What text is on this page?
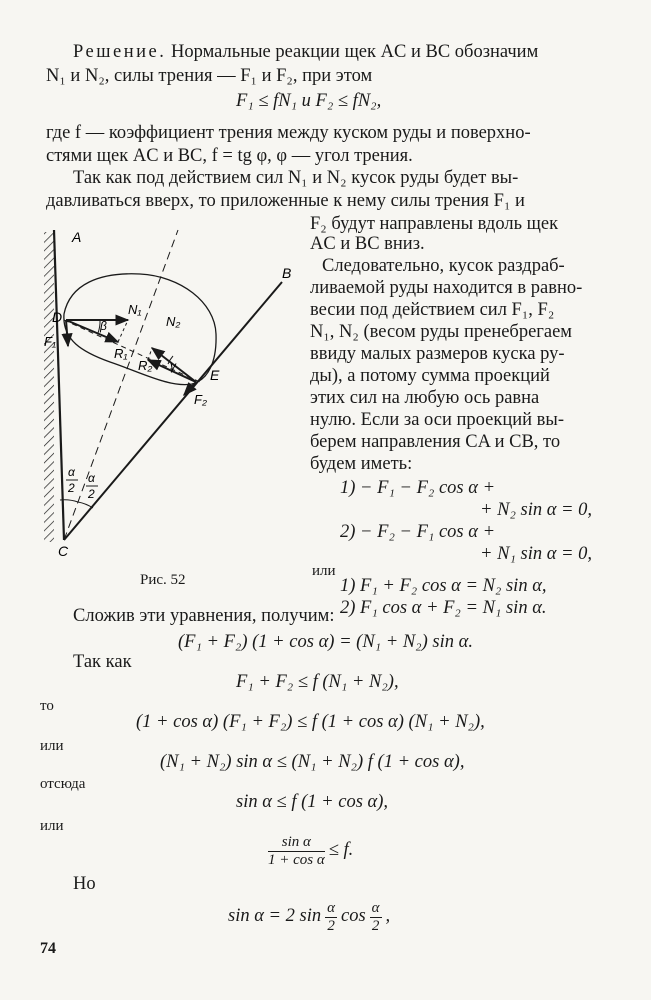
Решение. Нормальные реакции щек AC и BC обозначим
N₁ и N₂, силы трения — F₁ и F₂, при этом
F₁ ≤ fN₁ и F₂ ≤ fN₂,
где f — коэффициент трения между куском руды и поверхно-
стями щек AC и BC, f = tg φ, φ — угол трения.
Так как под действием сил N₁ и N₂ кусок руды будет вы-
давливаться вверх, то приложенные к нему силы трения F₁ и
F₂ будут направлены вдоль щек
AC и BC вниз.
Следовательно, кусок раздраб-
ливаемой руды находится в равно-
весии под действием сил F₁, F₂
N₁, N₂ (весом руды пренебрегаем
ввиду малых размеров куска ру-
ды), а потому сумма проекций
этих сил на любую ось равна
нулю. Если за оси проекций вы-
берем направления CA и CB, то
будем иметь:
1) − F₁ − F₂ cos α +
+ N₂ sin α = 0,
2) − F₂ − F₁ cos α +
+ N₁ sin α = 0,
или
1) F₁ + F₂ cos α = N₂ sin α,
2) F₁ cos α + F₂ = N₁ sin α.
A
B
C
D
E
N₁
N₂
R₁
R₂
F₁
F₂
β
γ
α
2
α
2
Рис. 52
Сложив эти уравнения, получим:
(F₁ + F₂) (1 + cos α) = (N₁ + N₂) sin α.
Так как
F₁ + F₂ ≤ f (N₁ + N₂),
то
(1 + cos α) (F₁ + F₂) ≤ f (1 + cos α) (N₁ + N₂),
или
(N₁ + N₂) sin α ≤ (N₁ + N₂) f (1 + cos α),
отсюда
sin α ≤ f (1 + cos α),
или
$\frac{\text{sin α}}{\text{1 + cos α}} \le f$.
Но
sin α = 2 $\sin \frac{\alpha}{2}$ $\cos \frac{\alpha}{2}$ ,
74
